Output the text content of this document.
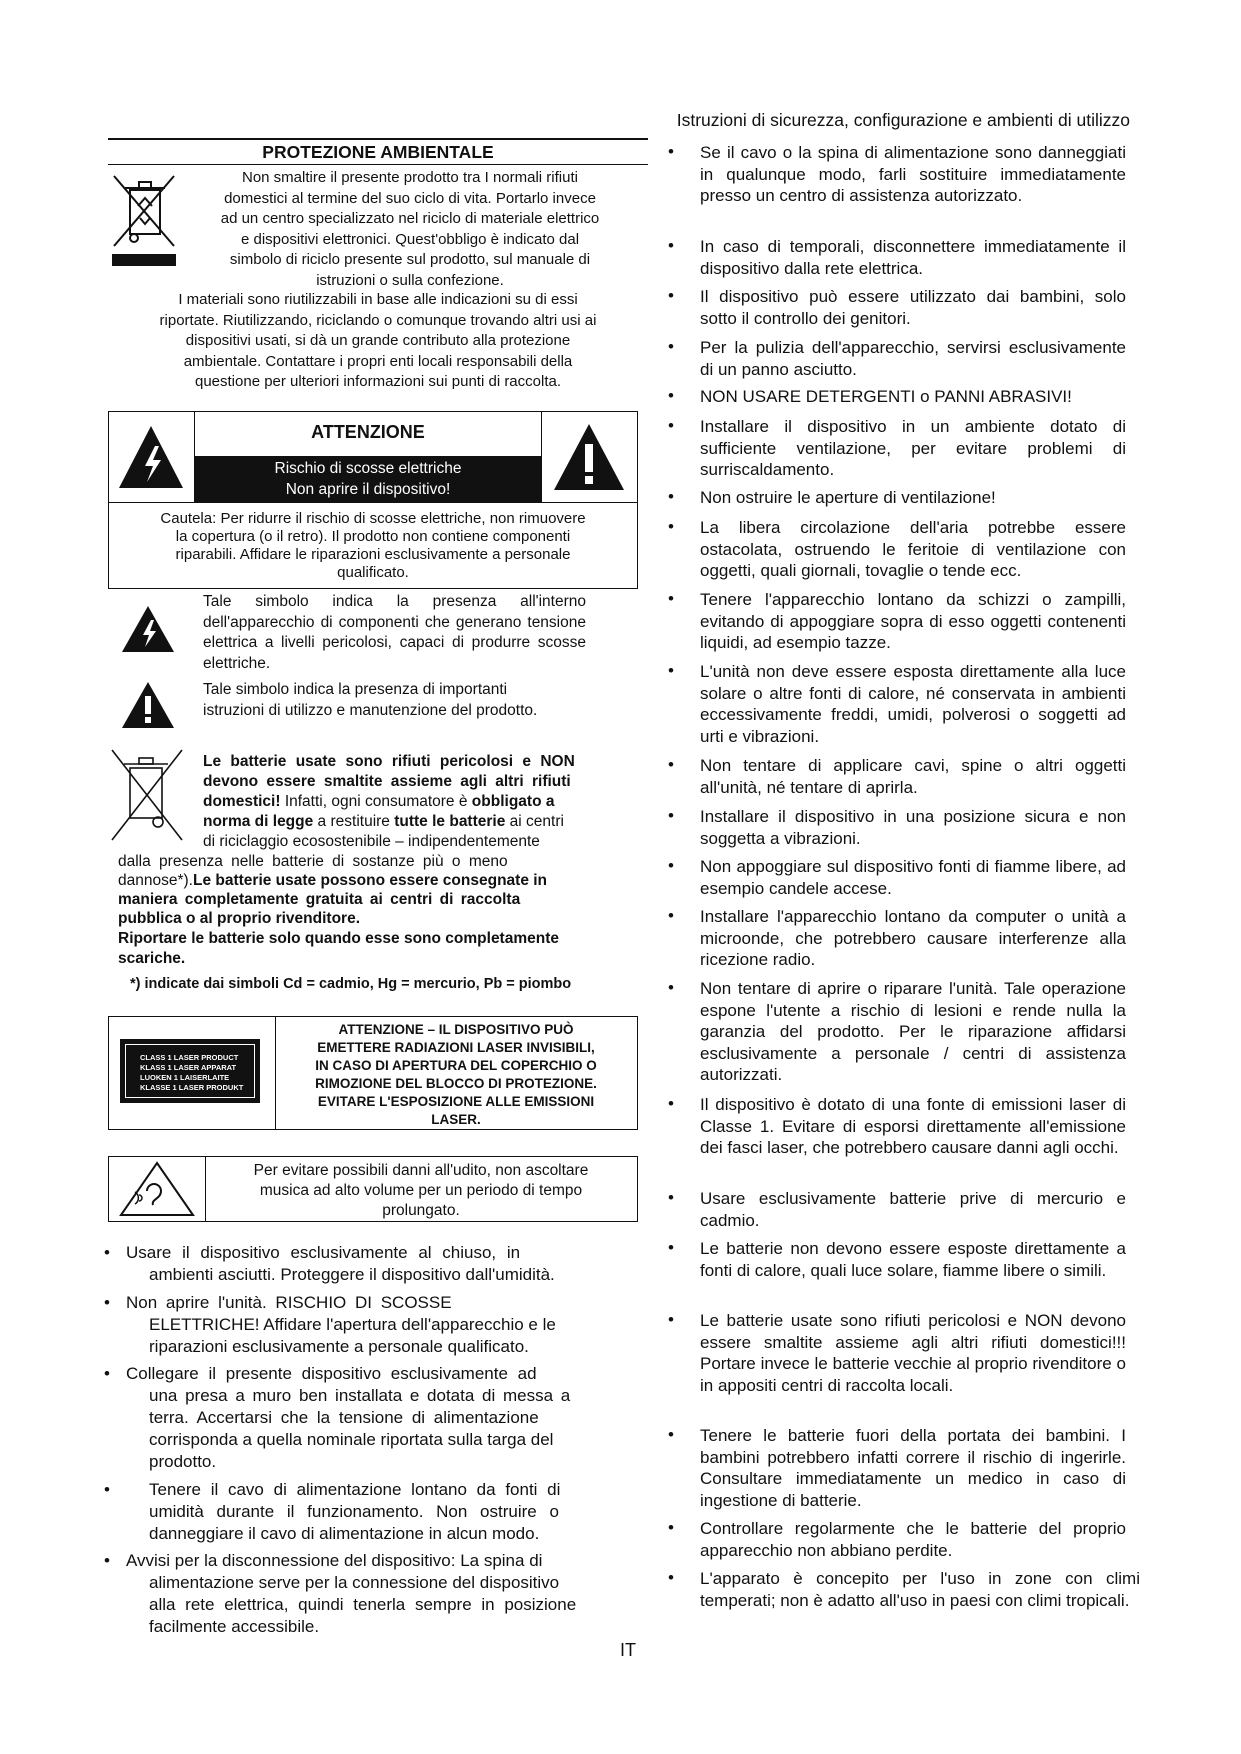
Istruzioni di sicurezza, configurazione e ambienti di utilizzo
PROTEZIONE AMBIENTALE
Non smaltire il presente prodotto tra I normali rifiuti
domestici al termine del suo ciclo di vita. Portarlo invece
ad un centro specializzato nel riciclo di materiale elettrico
e dispositivi elettronici. Quest'obbligo è indicato dal
simbolo di riciclo presente sul prodotto, sul manuale di
istruzioni o sulla confezione.
I materiali sono riutilizzabili in base alle indicazioni su di essi
riportate. Riutilizzando, riciclando o comunque trovando altri usi ai
dispositivi usati, si dà un grande contributo alla protezione
ambientale. Contattare i propri enti locali responsabili della
questione per ulteriori informazioni sui punti di raccolta.
ATTENZIONE
Rischio di scosse elettriche
Non aprire il dispositivo!
Cautela: Per ridurre il rischio di scosse elettriche, non rimuovere
la copertura (o il retro). Il prodotto non contiene componenti
riparabili. Affidare le riparazioni esclusivamente a personale
qualificato.
Tale simbolo indica la presenza all'interno dell'apparecchio di componenti che generano tensione elettrica a livelli pericolosi, capaci di produrre scosse elettriche.
Tale simbolo indica la presenza di importanti
istruzioni di utilizzo e manutenzione del prodotto.
Le batterie usate sono rifiuti pericolosi e NON
devono essere smaltite assieme agli altri rifiuti
domestici! Infatti, ogni consumatore è obbligato a
norma di legge a restituire tutte le batterie ai centri
di riciclaggio ecosostenibile – indipendentemente
dalla presenza nelle batterie di sostanze più o meno
dannose*).Le batterie usate possono essere consegnate in
maniera completamente gratuita ai centri di raccolta
pubblica o al proprio rivenditore.
Riportare le batterie solo quando esse sono completamente
scariche.
*) indicate dai simboli Cd = cadmio, Hg = mercurio, Pb = piombo
CLASS 1 LASER PRODUCT
KLASS 1 LASER APPARAT
LUOKEN 1 LAISERLAITE
KLASSE 1 LASER PRODUKT
ATTENZIONE – IL DISPOSITIVO PUÒ
EMETTERE RADIAZIONI LASER INVISIBILI,
IN CASO DI APERTURA DEL COPERCHIO O
RIMOZIONE DEL BLOCCO DI PROTEZIONE.
EVITARE L'ESPOSIZIONE ALLE EMISSIONI
LASER.
Per evitare possibili danni all'udito, non ascoltare
musica ad alto volume per un periodo di tempo
prolungato.
• Usare il dispositivo esclusivamente al chiuso, in
ambienti asciutti. Proteggere il dispositivo dall'umidità.
• Non aprire l'unità. RISCHIO DI SCOSSE
ELETTRICHE! Affidare l'apertura dell'apparecchio e le
riparazioni esclusivamente a personale qualificato.
• Collegare il presente dispositivo esclusivamente ad
una presa a muro ben installata e dotata di messa a
terra. Accertarsi che la tensione di alimentazione
corrisponda a quella nominale riportata sulla targa del
prodotto.
• Tenere il cavo di alimentazione lontano da fonti di
umidità durante il funzionamento. Non ostruire o
danneggiare il cavo di alimentazione in alcun modo.
• Avvisi per la disconnessione del dispositivo: La spina di
alimentazione serve per la connessione del dispositivo
alla rete elettrica, quindi tenerla sempre in posizione
facilmente accessibile.
• Se il cavo o la spina di alimentazione sono danneggiati in qualunque modo, farli sostituire immediatamente presso un centro di assistenza autorizzato.
• In caso di temporali, disconnettere immediatamente il dispositivo dalla rete elettrica.
• Il dispositivo può essere utilizzato dai bambini, solo sotto il controllo dei genitori.
• Per la pulizia dell'apparecchio, servirsi esclusivamente di un panno asciutto.
• NON USARE DETERGENTI o PANNI ABRASIVI!
• Installare il dispositivo in un ambiente dotato di sufficiente ventilazione, per evitare problemi di surriscaldamento.
• Non ostruire le aperture di ventilazione!
• La libera circolazione dell'aria potrebbe essere ostacolata, ostruendo le feritoie di ventilazione con oggetti, quali giornali, tovaglie o tende ecc.
• Tenere l'apparecchio lontano da schizzi o zampilli, evitando di appoggiare sopra di esso oggetti contenenti liquidi, ad esempio tazze.
• L'unità non deve essere esposta direttamente alla luce solare o altre fonti di calore, né conservata in ambienti eccessivamente freddi, umidi, polverosi o soggetti ad urti e vibrazioni.
• Non tentare di applicare cavi, spine o altri oggetti all'unità, né tentare di aprirla.
• Installare il dispositivo in una posizione sicura e non soggetta a vibrazioni.
• Non appoggiare sul dispositivo fonti di fiamme libere, ad esempio candele accese.
• Installare l'apparecchio lontano da computer o unità a microonde, che potrebbero causare interferenze alla ricezione radio.
• Non tentare di aprire o riparare l'unità. Tale operazione espone l'utente a rischio di lesioni e rende nulla la garanzia del prodotto. Per le riparazione affidarsi esclusivamente a personale / centri di assistenza autorizzati.
• Il dispositivo è dotato di una fonte di emissioni laser di Classe 1. Evitare di esporsi direttamente all'emissione dei fasci laser, che potrebbero causare danni agli occhi.
• Usare esclusivamente batterie prive di mercurio e cadmio.
• Le batterie non devono essere esposte direttamente a fonti di calore, quali luce solare, fiamme libere o simili.
• Le batterie usate sono rifiuti pericolosi e NON devono essere smaltite assieme agli altri rifiuti domestici!!! Portare invece le batterie vecchie al proprio rivenditore o in appositi centri di raccolta locali.
• Tenere le batterie fuori della portata dei bambini. I bambini potrebbero infatti correre il rischio di ingerirle. Consultare immediatamente un medico in caso di ingestione di batterie.
• Controllare regolarmente che le batterie del proprio apparecchio non abbiano perdite.
• L'apparato è concepito per l'uso in zone con climi temperati; non è adatto all'uso in paesi con climi tropicali.
IT
